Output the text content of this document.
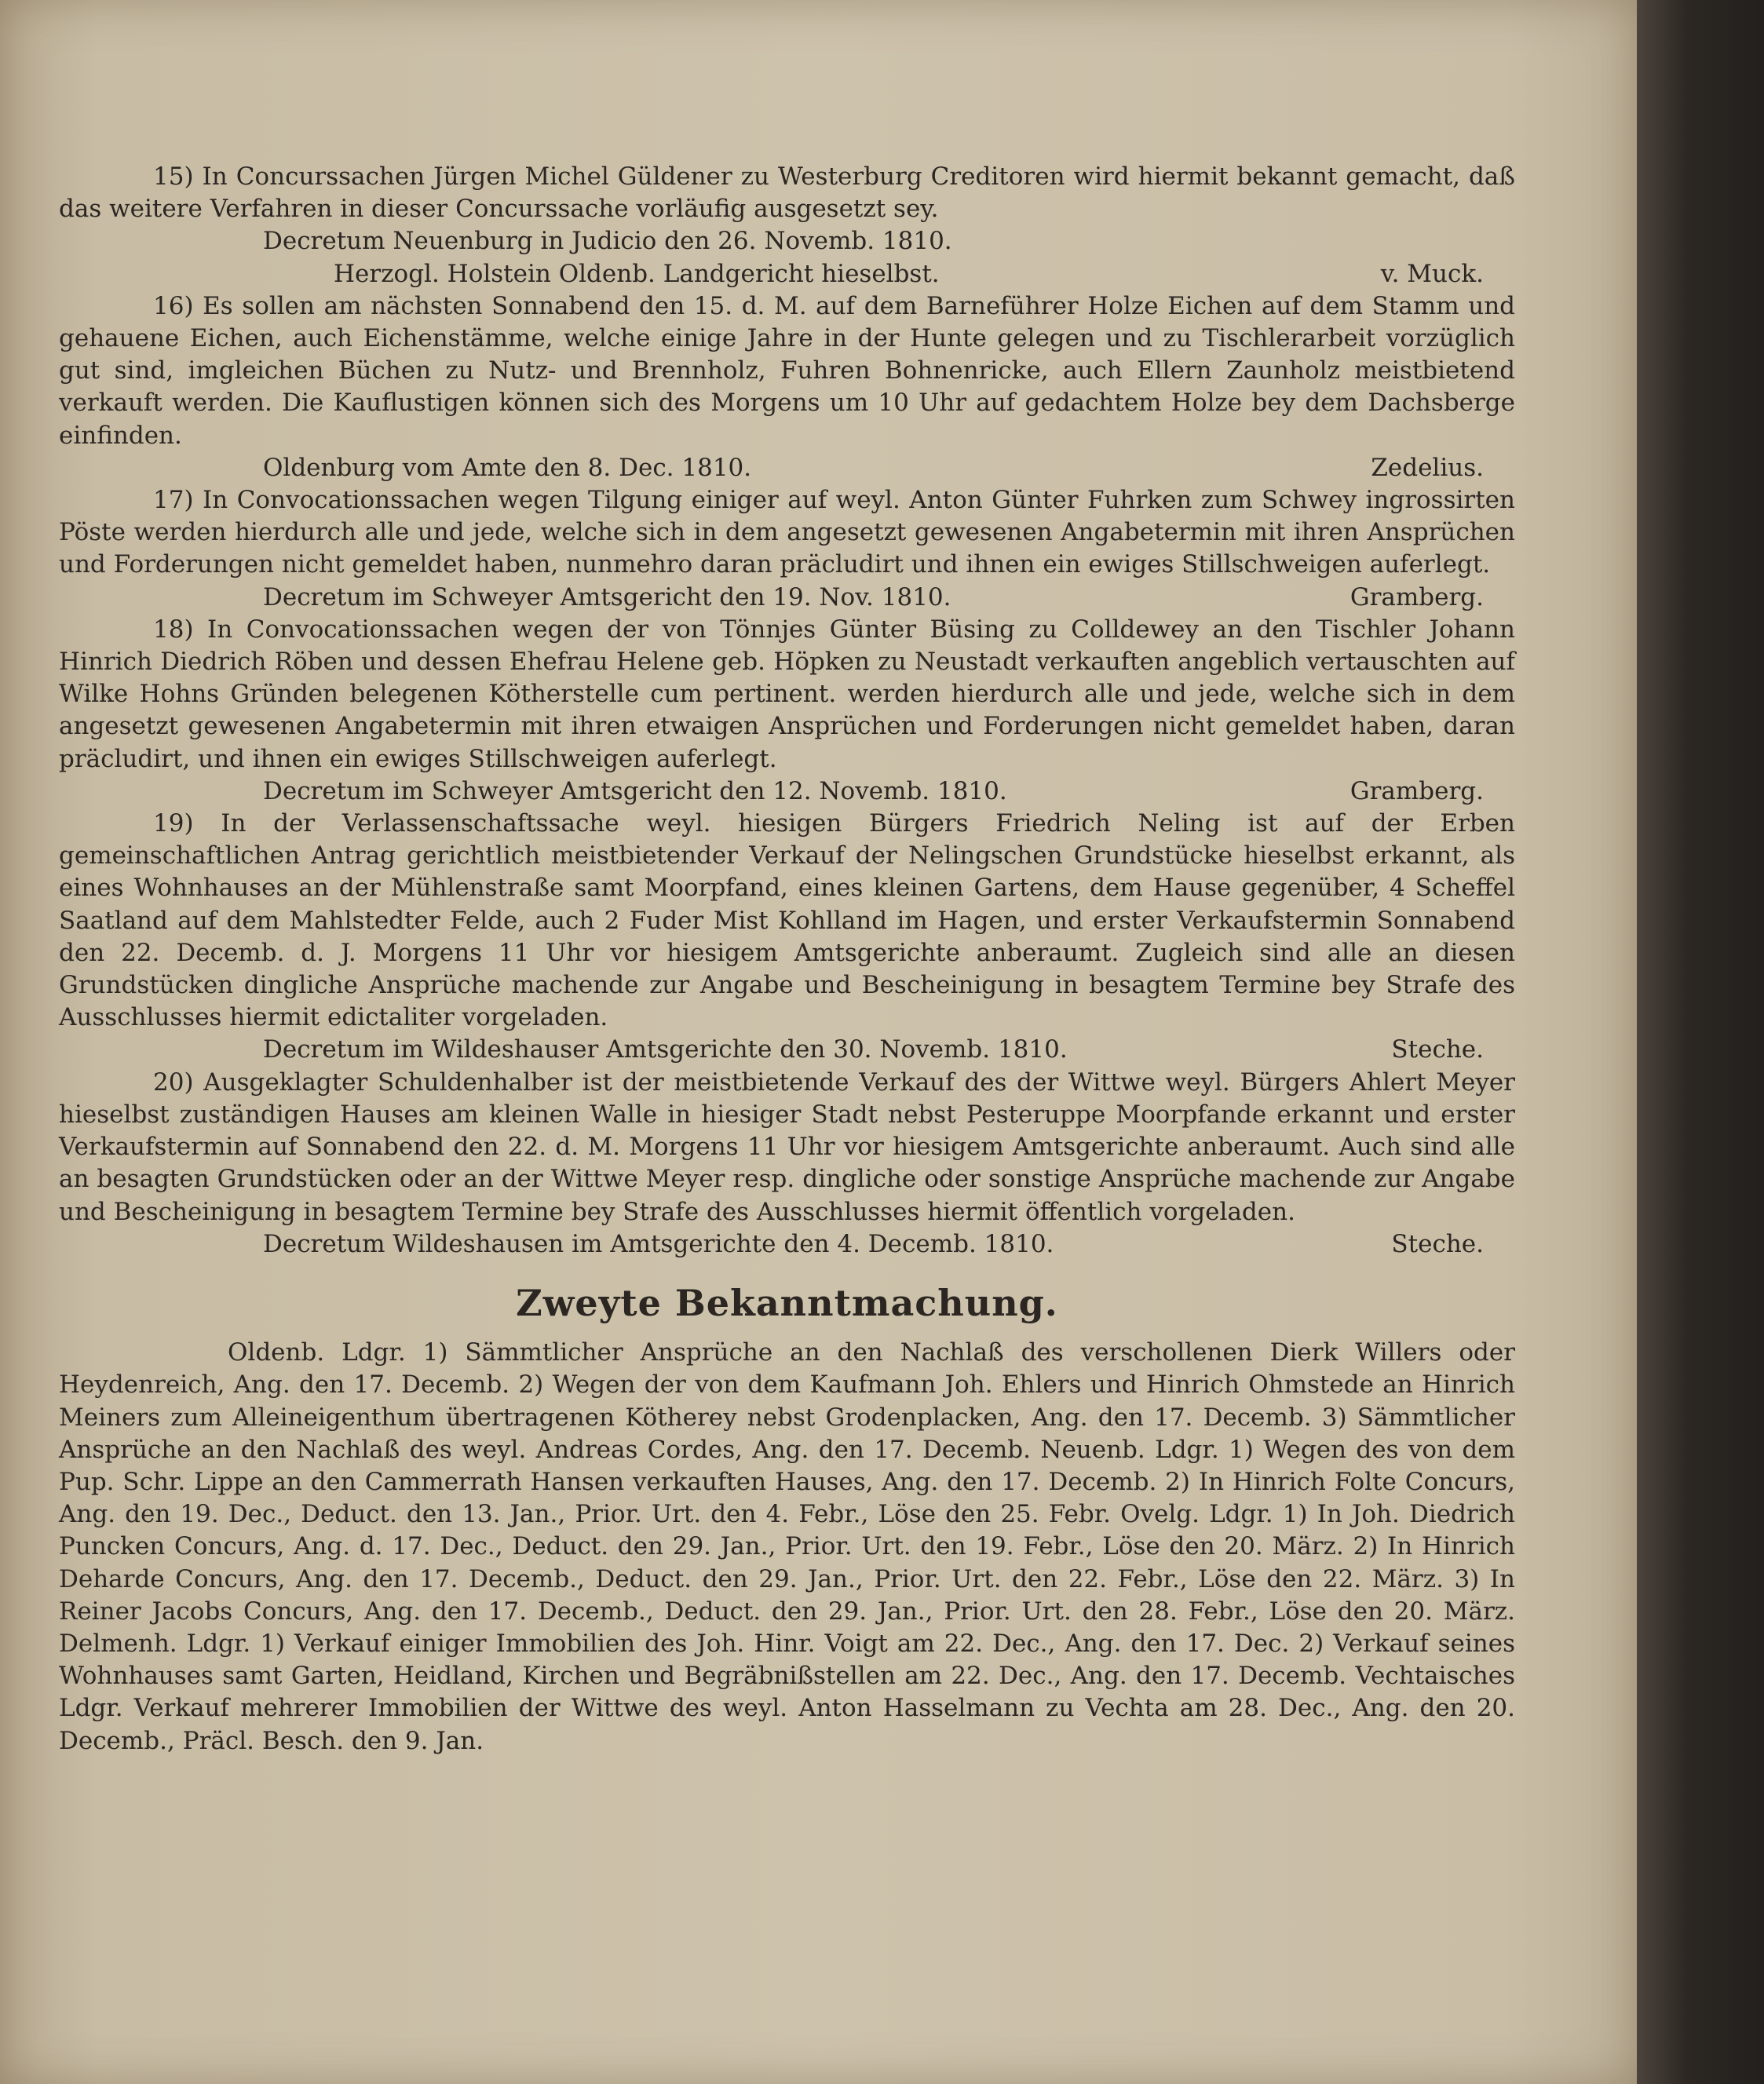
15) In Concurssachen Jürgen Michel Güldener zu Westerburg Creditoren wird hiermit bekannt gemacht, daß das weitere Verfahren in dieser Concurssache vorläufig ausgesetzt sey.

Decretum Neuenburg in Judicio den 26. Novemb. 1810.
Herzogl. Holstein Oldenb. Landgericht hieselbst.	v. Muck.

16) Es sollen am nächsten Sonnabend den 15. d. M. auf dem Barneführer Holze Eichen auf dem Stamm und gehauene Eichen, auch Eichenstämme, welche einige Jahre in der Hunte gelegen und zu Tischlerarbeit vorzüglich gut sind, imgleichen Büchen zu Nutz- und Brennholz, Fuhren Bohnenricke, auch Ellern Zaunholz meistbietend verkauft werden. Die Kauflustigen können sich des Morgens um 10 Uhr auf gedachtem Holze bey dem Dachsberge einfinden.

Oldenburg vom Amte den 8. Dec. 1810.	Zedelius.

17) In Convocationssachen wegen Tilgung einiger auf weyl. Anton Günter Fuhrken zum Schwey ingrossirten Pöste werden hierdurch alle und jede, welche sich in dem angesetzt gewesenen Angabetermin mit ihren Ansprüchen und Forderungen nicht gemeldet haben, nunmehro daran präcludirt und ihnen ein ewiges Stillschweigen auferlegt.

Decretum im Schweyer Amtsgericht den 19. Nov. 1810.	Gramberg.

18) In Convocationssachen wegen der von Tönnjes Günter Büsing zu Colldewey an den Tischler Johann Hinrich Diedrich Röben und dessen Ehefrau Helene geb. Höpken zu Neustadt verkauften angeblich vertauschten auf Wilke Hohns Gründen belegenen Kötherstelle cum pertinent. werden hierdurch alle und jede, welche sich in dem angesetzt gewesenen Angabetermin mit ihren etwaigen Ansprüchen und Forderungen nicht gemeldet haben, daran präcludirt, und ihnen ein ewiges Stillschweigen auferlegt.

Decretum im Schweyer Amtsgericht den 12. Novemb. 1810.	Gramberg.

19) In der Verlassenschaftssache weyl. hiesigen Bürgers Friedrich Neling ist auf der Erben gemeinschaftlichen Antrag gerichtlich meistbietender Verkauf der Nelingschen Grundstücke hieselbst erkannt, als eines Wohnhauses an der Mühlenstraße samt Moorpfand, eines kleinen Gartens, dem Hause gegenüber, 4 Scheffel Saatland auf dem Mahlstedter Felde, auch 2 Fuder Mist Kohlland im Hagen, und erster Verkaufstermin Sonnabend den 22. Decemb. d. J. Morgens 11 Uhr vor hiesigem Amtsgerichte anberaumt. Zugleich sind alle an diesen Grundstücken dingliche Ansprüche machende zur Angabe und Bescheinigung in besagtem Termine bey Strafe des Ausschlusses hiermit edictaliter vorgeladen.

Decretum im Wildeshauser Amtsgerichte den 30. Novemb. 1810.	Steche.

20) Ausgeklagter Schuldenhalber ist der meistbietende Verkauf des der Wittwe weyl. Bürgers Ahlert Meyer hieselbst zuständigen Hauses am kleinen Walle in hiesiger Stadt nebst Pesteruppe Moorpfande erkannt und erster Verkaufstermin auf Sonnabend den 22. d. M. Morgens 11 Uhr vor hiesigem Amtsgerichte anberaumt. Auch sind alle an besagten Grundstücken oder an der Wittwe Meyer resp. dingliche oder sonstige Ansprüche machende zur Angabe und Bescheinigung in besagtem Termine bey Strafe des Ausschlusses hiermit öffentlich vorgeladen.

Decretum Wildeshausen im Amtsgerichte den 4. Decemb. 1810.	Steche.
Zweyte Bekanntmachung.

Oldenb. Ldgr. 1) Sämmtlicher Ansprüche an den Nachlaß des verschollenen Dierk Willers oder Heydenreich, Ang. den 17. Decemb. 2) Wegen der von dem Kaufmann Joh. Ehlers und Hinrich Ohmstede an Hinrich Meiners zum Alleineigenthum übertragenen Kötherey nebst Grodenplacken, Ang. den 17. Decemb. 3) Sämmtlicher Ansprüche an den Nachlaß des weyl. Andreas Cordes, Ang. den 17. Decemb. Neuenb. Ldgr. 1) Wegen des von dem Pup. Schr. Lippe an den Cammerrath Hansen verkauften Hauses, Ang. den 17. Decemb. 2) In Hinrich Folte Concurs, Ang. den 19. Dec., Deduct. den 13. Jan., Prior. Urt. den 4. Febr., Löse den 25. Febr. Ovelg. Ldgr. 1) In Joh. Diedrich Puncken Concurs, Ang. d. 17. Dec., Deduct. den 29. Jan., Prior. Urt. den 19. Febr., Löse den 20. März. 2) In Hinrich Deharde Concurs, Ang. den 17. Decemb., Deduct. den 29. Jan., Prior. Urt. den 22. Febr., Löse den 22. März. 3) In Reiner Jacobs Concurs, Ang. den 17. Decemb., Deduct. den 29. Jan., Prior. Urt. den 28. Febr., Löse den 20. März. Delmenh. Ldgr. 1) Verkauf einiger Immobilien des Joh. Hinr. Voigt am 22. Dec., Ang. den 17. Dec. 2) Verkauf seines Wohnhauses samt Garten, Heidland, Kirchen und Begräbnißstellen am 22. Dec., Ang. den 17. Decemb. Vechtaisches Ldgr. Verkauf mehrerer Immobilien der Wittwe des weyl. Anton Hasselmann zu Vechta am 28. Dec., Ang. den 20. Decemb., Präcl. Besch. den 9. Jan.
